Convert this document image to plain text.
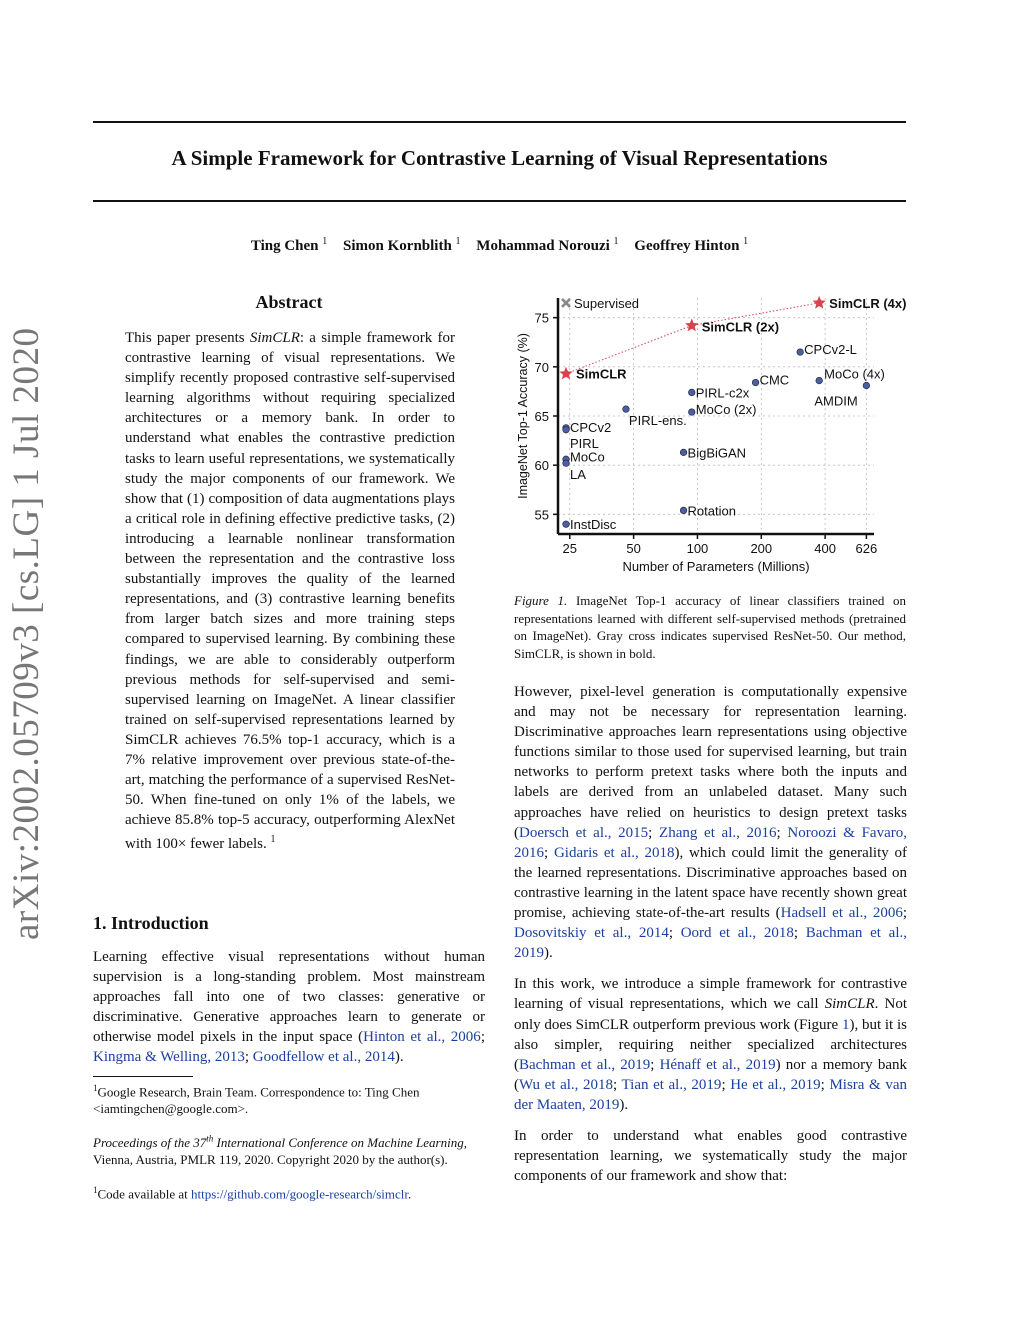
A Simple Framework for Contrastive Learning of Visual Representations
Ting Chen $^1$ Simon Kornblith $^1$ Mohammad Norouzi $^1$ Geoffrey Hinton $^1$
arXiv:2002.05709v3 [cs.LG] 1 Jul 2020
Abstract
This paper presents SimCLR: a simple framework for contrastive learning of visual representations. We simplify recently proposed contrastive self-supervised learning algorithms without requiring specialized architectures or a memory bank. In order to understand what enables the contrastive prediction tasks to learn useful representations, we systematically study the major components of our framework. We show that (1) composition of data augmentations plays a critical role in defining effective predictive tasks, (2) introducing a learnable nonlinear transformation between the representation and the contrastive loss substantially improves the quality of the learned representations, and (3) contrastive learning benefits from larger batch sizes and more training steps compared to supervised learning. By combining these findings, we are able to considerably outperform previous methods for self-supervised and semi-supervised learning on ImageNet. A linear classifier trained on self-supervised representations learned by SimCLR achieves 76.5% top-1 accuracy, which is a 7% relative improvement over previous state-of-the-art, matching the performance of a supervised ResNet-50. When fine-tuned on only 1% of the labels, we achieve 85.8% top-5 accuracy, outperforming AlexNet with 100× fewer labels. $^1$
1. Introduction
Learning effective visual representations without human supervision is a long-standing problem. Most mainstream approaches fall into one of two classes: generative or discriminative. Generative approaches learn to generate or otherwise model pixels in the input space (Hinton et al., 2006; Kingma & Welling, 2013; Goodfellow et al., 2014).
$^1$Google Research, Brain Team. Correspondence to: Ting Chen <iamtingchen@google.com>.
Proceedings of the 37th International Conference on Machine Learning, Vienna, Austria, PMLR 119, 2020. Copyright 2020 by the author(s).
$^1$Code available at https://github.com/google-research/simclr.
55
60
65
70
75
25	50	100	200	400 626
Number of Parameters (Millions)
ImageNet Top-1 Accuracy (%)
Supervised
SimCLR
SimCLR (2x)
SimCLR (4x)
CPCv2
PIRL
MoCo
LA
InstDisc
PIRL-ens.
PIRL-c2x
MoCo (2x)
BigBiGAN
Rotation
CMC
CPCv2-L
MoCo (4x)
AMDIM
Figure 1. ImageNet Top-1 accuracy of linear classifiers trained on representations learned with different self-supervised methods (pretrained on ImageNet). Gray cross indicates supervised ResNet-50. Our method, SimCLR, is shown in bold.

However, pixel-level generation is computationally expensive and may not be necessary for representation learning. Discriminative approaches learn representations using objective functions similar to those used for supervised learning, but train networks to perform pretext tasks where both the inputs and labels are derived from an unlabeled dataset. Many such approaches have relied on heuristics to design pretext tasks (Doersch et al., 2015; Zhang et al., 2016; Noroozi & Favaro, 2016; Gidaris et al., 2018), which could limit the generality of the learned representations. Discriminative approaches based on contrastive learning in the latent space have recently shown great promise, achieving state-of-the-art results (Hadsell et al., 2006; Dosovitskiy et al., 2014; Oord et al., 2018; Bachman et al., 2019).

In this work, we introduce a simple framework for contrastive learning of visual representations, which we call SimCLR. Not only does SimCLR outperform previous work (Figure 1), but it is also simpler, requiring neither specialized architectures (Bachman et al., 2019; Hénaff et al., 2019) nor a memory bank (Wu et al., 2018; Tian et al., 2019; He et al., 2019; Misra & van der Maaten, 2019).

In order to understand what enables good contrastive representation learning, we systematically study the major components of our framework and show that:
